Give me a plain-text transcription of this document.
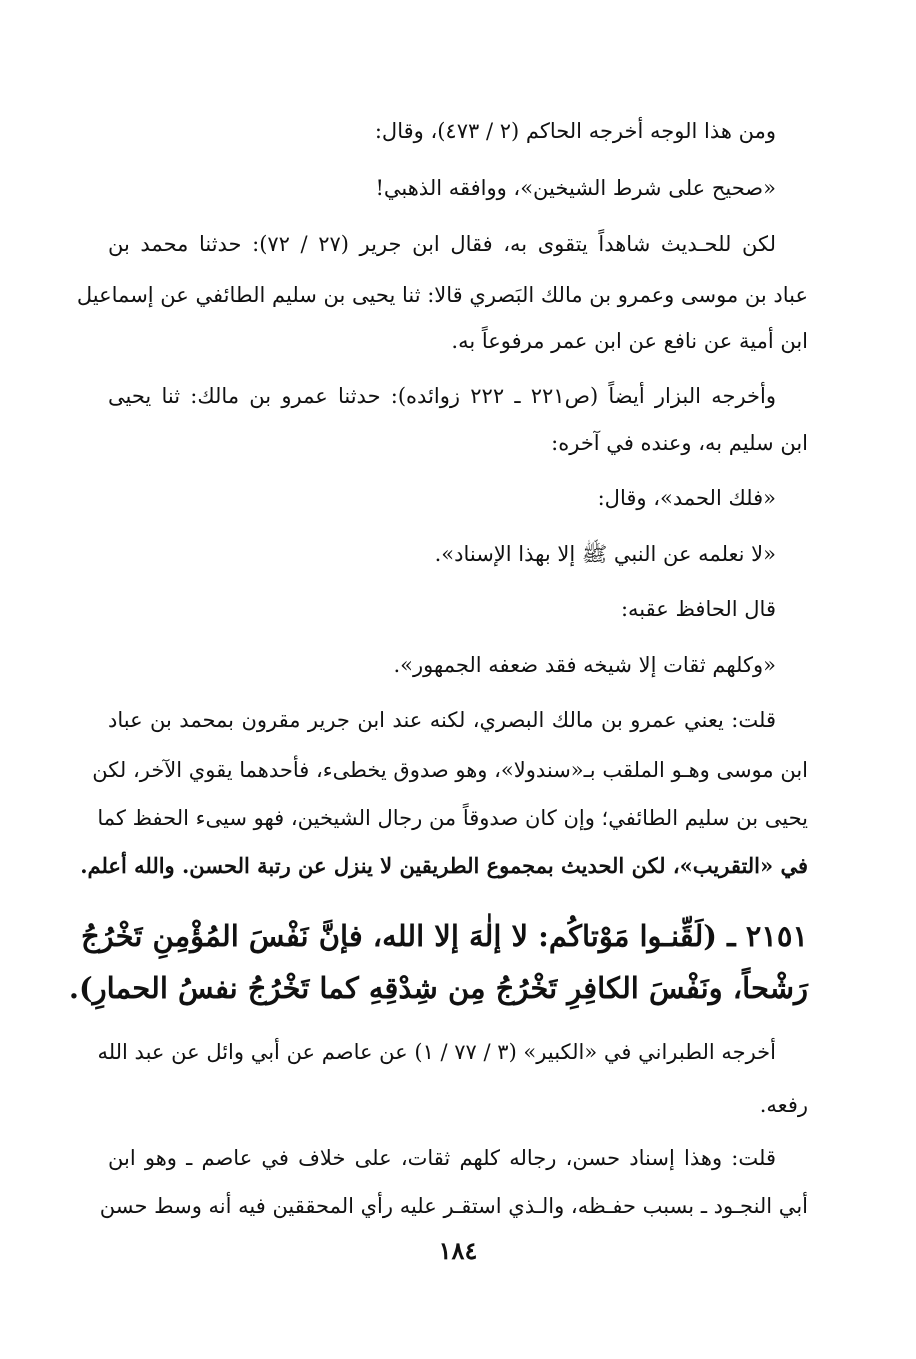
ومن هذا الوجه أخرجه الحاكم (٢ / ٤٧٣)، وقال:
«صحيح على شرط الشيخين»، ووافقه الذهبي!
لكن للحـديث شاهداً يتقوى به، فقال ابن جرير (٢٧ / ٧٢): حدثنا محمد بن
عباد بن موسى وعمرو بن مالك البَصري قالا: ثنا يحيى بن سليم الطائفي عن إسماعيل
ابن أمية عن نافع عن ابن عمر مرفوعاً به.
وأخرجه البزار أيضاً (ص٢٢١ ـ ٢٢٢ زوائده): حدثنا عمرو بن مالك: ثنا يحيى
ابن سليم به، وعنده في آخره:
«فلك الحمد»، وقال:
«لا نعلمه عن النبي ﷺ إلا بهذا الإسناد».
قال الحافظ عقبه:
«وكلهم ثقات إلا شيخه فقد ضعفه الجمهور».
قلت: يعني عمرو بن مالك البصري، لكنه عند ابن جرير مقرون بمحمد بن عباد
ابن موسى وهـو الملقب بـ«سندولا»، وهو صدوق يخطىء، فأحدهما يقوي الآخر، لكن
يحيى بن سليم الطائفي؛ وإن كان صدوقاً من رجال الشيخين، فهو سيىء الحفظ كما
في «التقريب»، لكن الحديث بمجموع الطريقين لا ينزل عن رتبة الحسن. والله أعلم.
٢١٥١ ـ (لَقِّنـوا مَوْتاكُم: لا إلٰهَ إلا الله، فإنَّ نَفْسَ المُؤْمِنِ تَخْرُجُ
رَشْحاً، ونَفْسَ الكافِرِ تَخْرُجُ مِن شِدْقِهِ كما تَخْرُجُ نفسُ الحمارِ).
أخرجه الطبراني في «الكبير» (٣ / ٧٧ / ١) عن عاصم عن أبي وائل عن عبد الله
رفعه.
قلت: وهذا إسناد حسن، رجاله كلهم ثقات، على خلاف في عاصم ـ وهو ابن
أبي النجـود ـ بسبب حفـظه، والـذي استقـر عليه رأي المحققين فيه أنه وسط حسن
١٨٤
